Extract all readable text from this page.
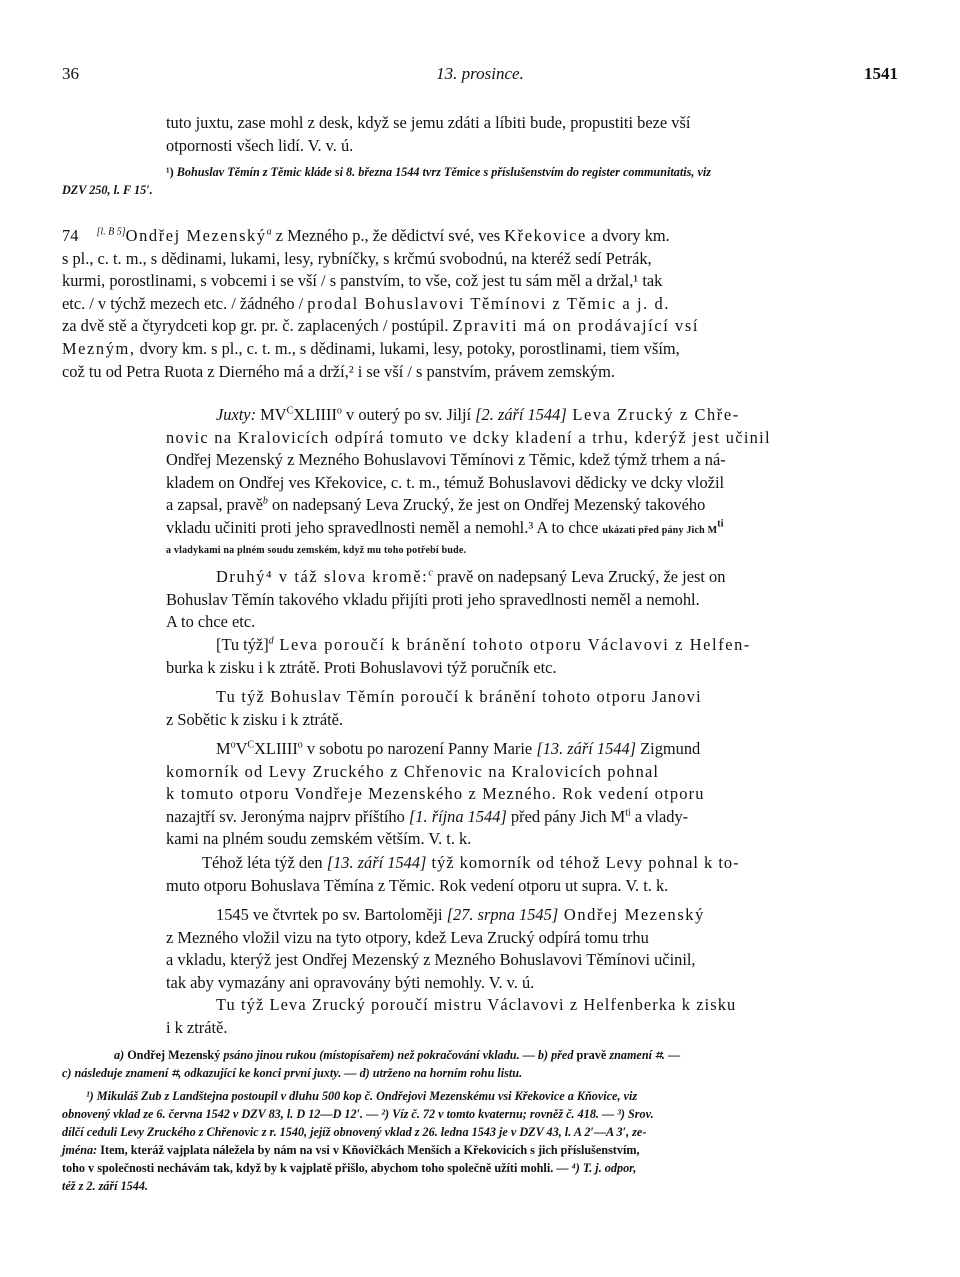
36	13. prosince.	1541
tuto juxtu, zase mohl z desk, když se jemu zdáti a líbiti bude, propustiti beze vší
otpornosti všech lidí. V. v. ú.
¹) Bohuslav Těmín z Těmic kláde si 8. března 1544 tvrz Těmice s příslušenstvím do register communitatis, viz
DZV 250, l. F 15′.
74 [l. B 5]Ondřej Mezenský$^a$ z Mezného p., že dědictví své, ves Křekovice a dvory km.
s pl., c. t. m., s dědinami, lukami, lesy, rybníčky, s krčmú svobodnú, na kteréž sedí Petrák,
kurmi, porostlinami, s vobcemi i se vší / s panstvím, to vše, což jest tu sám měl a držal,¹ tak
etc. / v týchž mezech etc. / žádného / prodal Bohuslavovi Těmínovi z Těmic a j. d.
za dvě stě a čtyrydceti kop gr. pr. č. zaplacených / postúpil. Zpraviti má on prodávající vsí
Mezným, dvory km. s pl., c. t. m., s dědinami, lukami, lesy, potoky, porostlinami, tiem vším,
což tu od Petra Ruota z Dierného má a drží,² i se vší / s panstvím, právem zemským.
Juxty: $MV^CXLIIII^o$ v outerý po sv. Jiljí [2. září 1544] Leva Zrucký z Chře-
novic na Kralovicích odpírá tomuto ve dcky kladení a trhu, kderýž jest učinil
Ondřej Mezenský z Mezného Bohuslavovi Těmínovi z Těmic, kdež týmž trhem a ná-
kladem on Ondřej ves Křekovice, c. t. m., témuž Bohuslavovi dědicky ve dcky vložil
a zapsal, pravě$^b$ on nadepsaný Leva Zrucký, že jest on Ondřej Mezenský takového
vkladu učiniti proti jeho spravedlnosti neměl a nemohl.³ A to chce ukázati před pány Jich $M^{ti}$
a vladykami na plném soudu zemském, když mu toho potřebí bude.
Druhý⁴ v táž slova kromě:$^c$ pravě on nadepsaný Leva Zrucký, že jest on
Bohuslav Těmín takového vkladu přijíti proti jeho spravedlnosti neměl a nemohl.
A to chce etc.
[Tu týž]$^d$ Leva poroučí k bránění tohoto otporu Václavovi z Helfen-
burka k zisku i k ztrátě. Proti Bohuslavovi týž poručník etc.
Tu týž Bohuslav Těmín poroučí k bránění tohoto otporu Janovi
z Sobětic k zisku i k ztrátě.
$M^oV^CXLIIII^o$ v sobotu po narození Panny Marie [13. září 1544] Zigmund
komorník od Levy Zruckého z Chřenovic na Kralovicích pohnal
k tomuto otporu Vondřeje Mezenského z Mezného. Rok vedení otporu
nazajtří sv. Jeronýma najprv příštího [1. října 1544] před pány Jich $M^{ti}$ a vlady-
kami na plném soudu zemském větším. V. t. k.
Téhož léta týž den [13. září 1544] týž komorník od téhož Levy pohnal k to-
muto otporu Bohuslava Těmína z Těmic. Rok vedení otporu ut supra. V. t. k.
1545 ve čtvrtek po sv. Bartoloměji [27. srpna 1545] Ondřej Mezenský
z Mezného vložil vizu na tyto otpory, kdež Leva Zrucký odpírá tomu trhu
a vkladu, kterýž jest Ondřej Mezenský z Mezného Bohuslavovi Těmínovi učinil,
tak aby vymazány ani opravovány býti nemohly. V. v. ú.
Tu týž Leva Zrucký poroučí mistru Václavovi z Helfenberka k zisku
i k ztrátě.
a) Ondřej Mezenský psáno jinou rukou (místopísařem) než pokračování vkladu. — b) před pravě znamení ⌗. —
c) následuje znamení ⌗, odkazující ke konci první juxty. — d) utrženo na horním rohu listu.
¹) Mikuláš Zub z Landštejna postoupil v dluhu 500 kop č. Ondřejovi Mezenskému vsi Křekovice a Kňovice, viz
obnovený vklad ze 6. června 1542 v DZV 83, l. D 12—D 12′. — ²) Víz č. 72 v tomto kvaternu; rovněž č. 418. — ³) Srov.
dílčí ceduli Levy Zruckého z Chřenovic z r. 1540, jejíž obnovený vklad z 26. ledna 1543 je v DZV 43, l. A 2′—A 3′, ze-
jména: Item, kteráž vajplata náležela by nám na vsi v Kňovičkách Menších a Křekovicích s jich příslušenstvím,
toho v společnosti nechávám tak, když by k vajplatě přišlo, abychom toho společně užíti mohli. — ⁴) T. j. odpor,
též z 2. září 1544.
